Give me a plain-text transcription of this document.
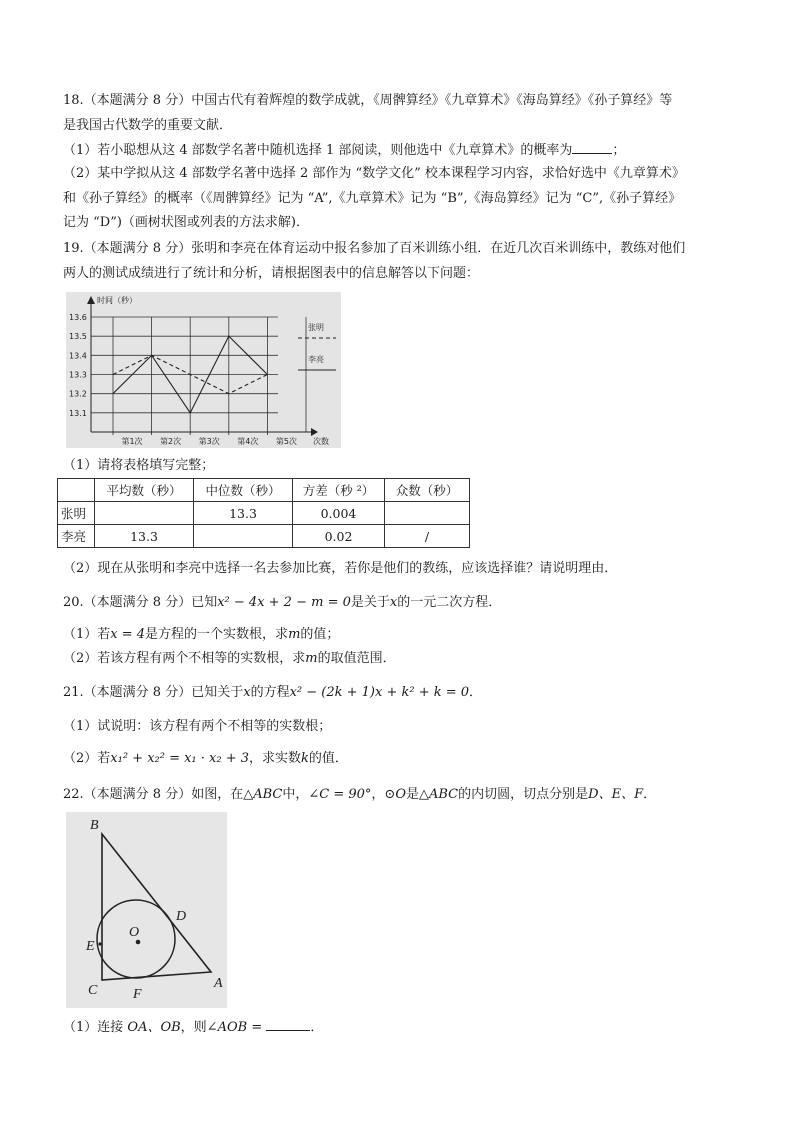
18.（本题满分 8 分）中国古代有着辉煌的数学成就，《周髀算经》《九章算术》《海岛算经》《孙子算经》等
是我国古代数学的重要文献．
（1）若小聪想从这 4 部数学名著中随机选择 1 部阅读，则他选中《九章算术》的概率为	；
（2）某中学拟从这 4 部数学名著中选择 2 部作为 “数学文化” 校本课程学习内容，求恰好选中《九章算术》
和《孙子算经》的概率（《周髀算经》记为 “A”,《九章算术》记为 “B”,《海岛算经》记为 “C”,《孙子算经》
记为 “D”)（画树状图或列表的方法求解)．
19.（本题满分 8 分）张明和李亮在体育运动中报名参加了百米训练小组．在近几次百米训练中，教练对他们
两人的测试成绩进行了统计和分析，请根据图表中的信息解答以下问题：
时间（秒）
次数
13.1
13.2
13.3
13.4
13.5
13.6
第1次 第2次 第3次 第4次 第5次
张明
李亮
（1）请将表格填写完整；
	平均数（秒）	中位数（秒）	方差（秒 ²）	众数（秒）
张明		13.3	0.004	
李亮	13.3		0.02	/
（2）现在从张明和李亮中选择一名去参加比赛，若你是他们的教练，应该选择谁？请说明理由．
20.（本题满分 8 分）已知x² − 4x + 2 − m = 0是关于x的一元二次方程．
（1）若x = 4是方程的一个实数根，求m的值；
（2）若该方程有两个不相等的实数根，求m的取值范围．
21.（本题满分 8 分）已知关于x的方程x² − (2k + 1)x + k² + k = 0．
（1）试说明：该方程有两个不相等的实数根；
（2）若x₁² + x₂² = x₁ · x₂ + 3，求实数k的值．
22.（本题满分 8 分）如图，在△ABC中，∠C = 90°，⊙O是△ABC的内切圆，切点分别是D、E、F．
B
C	A
D
E
F
O
（1）连接 OA、OB，则∠AOB =	．
